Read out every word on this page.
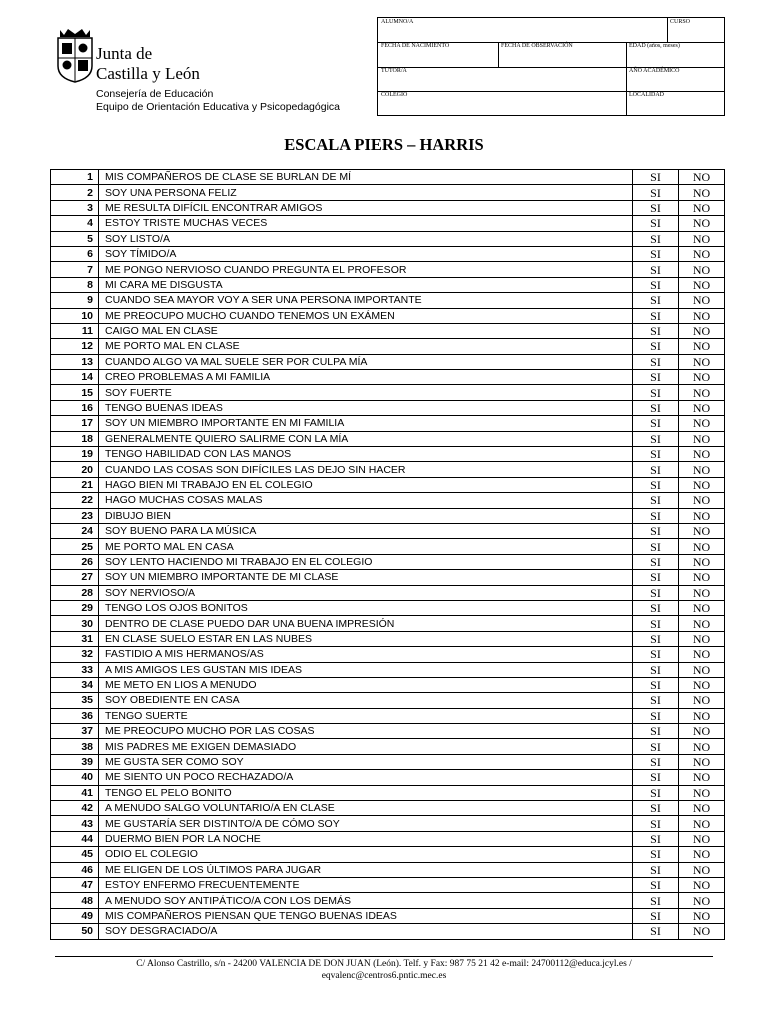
Junta de
Castilla y León
Consejería de Educación
Equipo de Orientación Educativa y Psicopedagógica
ALUMNO/A	CURSO
FECHA DE NACIMIENTO	FECHA DE OBSERVACIÓN	EDAD (años, meses)
TUTOR/A	AÑO ACADÉMICO
COLEGIO	LOCALIDAD
ESCALA PIERS – HARRIS
1	MIS COMPAÑEROS DE CLASE SE BURLAN DE MÍ	SI	NO
2	SOY UNA PERSONA FELIZ	SI	NO
3	ME RESULTA DIFÍCIL ENCONTRAR AMIGOS	SI	NO
4	ESTOY TRISTE MUCHAS VECES	SI	NO
5	SOY LISTO/A	SI	NO
6	SOY TÍMIDO/A	SI	NO
7	ME PONGO NERVIOSO CUANDO PREGUNTA EL PROFESOR	SI	NO
8	MI CARA ME DISGUSTA	SI	NO
9	CUANDO SEA MAYOR VOY A SER UNA PERSONA IMPORTANTE	SI	NO
10	ME PREOCUPO MUCHO CUANDO TENEMOS UN EXÁMEN	SI	NO
11	CAIGO MAL EN CLASE	SI	NO
12	ME PORTO MAL EN CLASE	SI	NO
13	CUANDO ALGO VA MAL SUELE SER POR CULPA MÍA	SI	NO
14	CREO PROBLEMAS A MI FAMILIA	SI	NO
15	SOY FUERTE	SI	NO
16	TENGO BUENAS IDEAS	SI	NO
17	SOY UN MIEMBRO IMPORTANTE EN MI FAMILIA	SI	NO
18	GENERALMENTE QUIERO SALIRME CON LA MÍA	SI	NO
19	TENGO HABILIDAD CON LAS MANOS	SI	NO
20	CUANDO LAS COSAS SON DIFÍCILES LAS DEJO SIN HACER	SI	NO
21	HAGO BIEN MI TRABAJO EN EL COLEGIO	SI	NO
22	HAGO MUCHAS COSAS MALAS	SI	NO
23	DIBUJO BIEN	SI	NO
24	SOY BUENO PARA LA MÚSICA	SI	NO
25	ME PORTO MAL EN CASA	SI	NO
26	SOY LENTO HACIENDO MI TRABAJO EN EL COLEGIO	SI	NO
27	SOY UN MIEMBRO IMPORTANTE DE MI CLASE	SI	NO
28	SOY NERVIOSO/A	SI	NO
29	TENGO LOS OJOS BONITOS	SI	NO
30	DENTRO DE CLASE PUEDO DAR UNA BUENA IMPRESIÓN	SI	NO
31	EN CLASE SUELO ESTAR EN LAS NUBES	SI	NO
32	FASTIDIO A MIS HERMANOS/AS	SI	NO
33	A MIS AMIGOS LES GUSTAN MIS IDEAS	SI	NO
34	ME METO EN LIOS A MENUDO	SI	NO
35	SOY OBEDIENTE EN CASA	SI	NO
36	TENGO SUERTE	SI	NO
37	ME PREOCUPO MUCHO POR LAS COSAS	SI	NO
38	MIS PADRES ME EXIGEN DEMASIADO	SI	NO
39	ME GUSTA SER COMO SOY	SI	NO
40	ME SIENTO UN POCO RECHAZADO/A	SI	NO
41	TENGO EL PELO BONITO	SI	NO
42	A MENUDO SALGO VOLUNTARIO/A EN CLASE	SI	NO
43	ME GUSTARÍA SER DISTINTO/A DE CÓMO SOY	SI	NO
44	DUERMO BIEN POR LA NOCHE	SI	NO
45	ODIO EL COLEGIO	SI	NO
46	ME ELIGEN DE LOS ÚLTIMOS PARA JUGAR	SI	NO
47	ESTOY ENFERMO FRECUENTEMENTE	SI	NO
48	A MENUDO SOY ANTIPÁTICO/A CON LOS DEMÁS	SI	NO
49	MIS COMPAÑEROS PIENSAN QUE TENGO BUENAS IDEAS	SI	NO
50	SOY DESGRACIADO/A	SI	NO
C/ Alonso Castrillo, s/n - 24200 VALENCIA DE DON JUAN (León). Telf. y Fax: 987 75 21 42 e-mail: 24700112@educa.jcyl.es /
eqvalenc@centros6.pntic.mec.es
